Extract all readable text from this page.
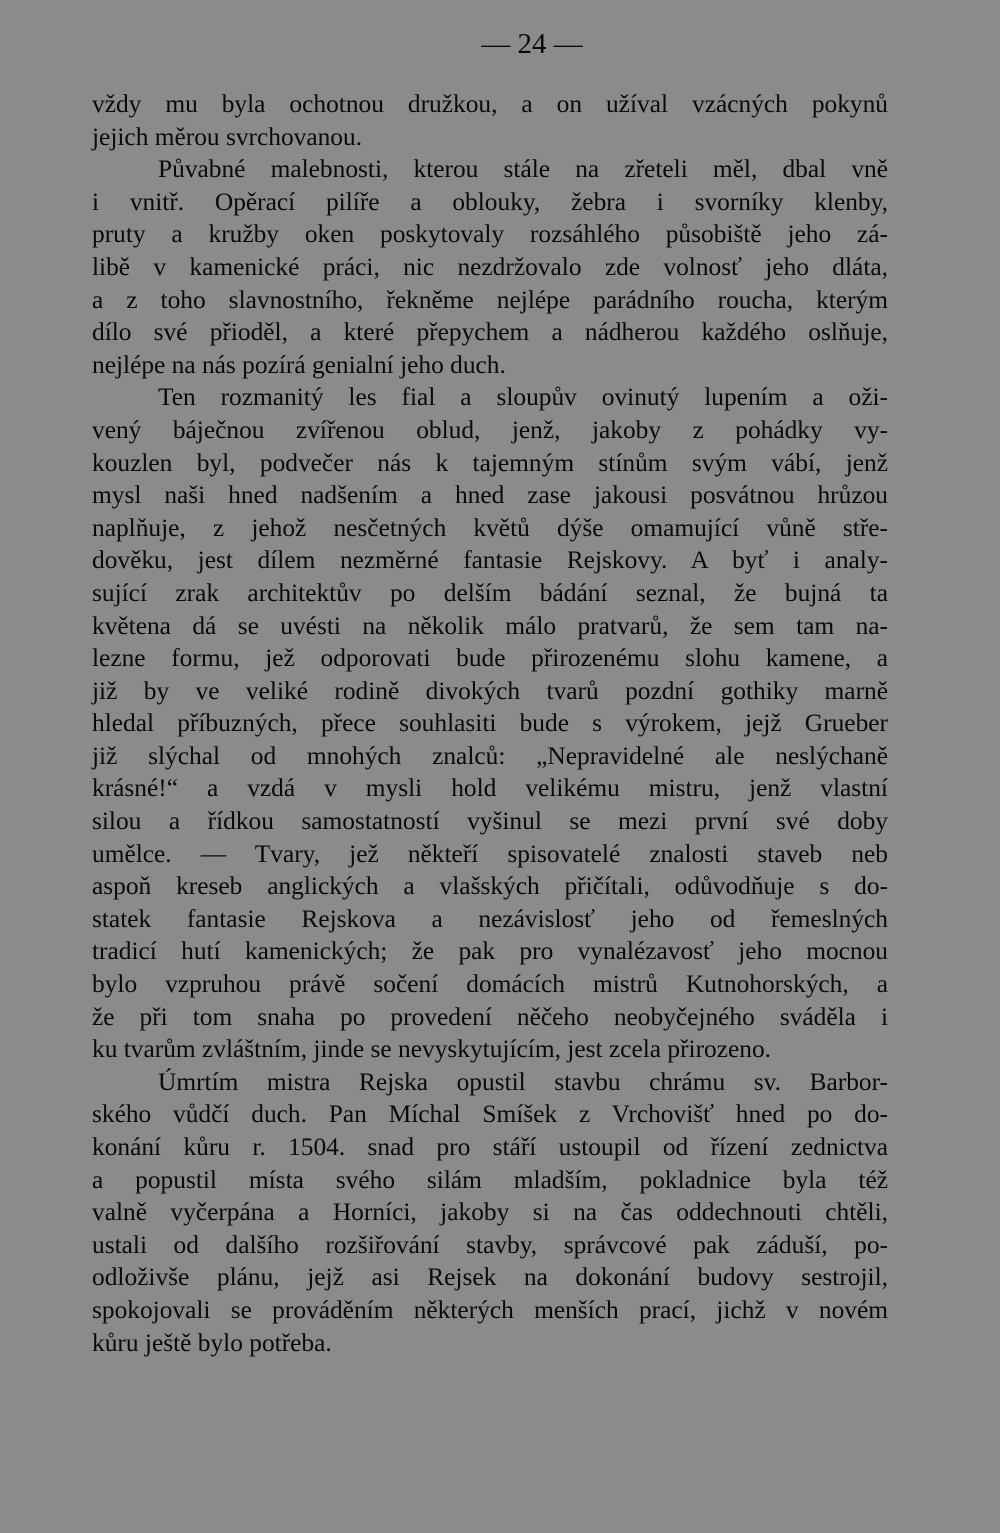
— 24 —
vždy mu byla ochotnou družkou, a on užíval vzácných pokynů
jejich měrou svrchovanou.
Půvabné malebnosti, kterou stále na zřeteli měl, dbal vně
i vnitř. Opěrací pilíře a oblouky, žebra i svorníky klenby,
pruty a kružby oken poskytovaly rozsáhlého působiště jeho zá-
libě v kamenické práci, nic nezdržovalo zde volnosť jeho dláta,
a z toho slavnostního, řekněme nejlépe parádního roucha, kterým
dílo své přioděl, a které přepychem a nádherou každého oslňuje,
nejlépe na nás pozírá genialní jeho duch.
Ten rozmanitý les fial a sloupův ovinutý lupením a oži-
vený báječnou zvířenou oblud, jenž, jakoby z pohádky vy-
kouzlen byl, podvečer nás k tajemným stínům svým vábí, jenž
mysl naši hned nadšením a hned zase jakousi posvátnou hrůzou
naplňuje, z jehož nesčetných květů dýše omamující vůně stře-
dověku, jest dílem nezměrné fantasie Rejskovy. A byť i analy-
sující zrak architektův po delším bádání seznal, že bujná ta
květena dá se uvésti na několik málo pratvarů, že sem tam na-
lezne formu, jež odporovati bude přirozenému slohu kamene, a
již by ve veliké rodině divokých tvarů pozdní gothiky marně
hledal příbuzných, přece souhlasiti bude s výrokem, jejž Grueber
již slýchal od mnohých znalců: „Nepravidelné ale neslýchaně
krásné!“ a vzdá v mysli hold velikému mistru, jenž vlastní
silou a řídkou samostatností vyšinul se mezi první své doby
umělce. — Tvary, jež někteří spisovatelé znalosti staveb neb
aspoň kreseb anglických a vlašských přičítali, odůvodňuje s do-
statek fantasie Rejskova a nezávislosť jeho od řemeslných
tradicí hutí kamenických; že pak pro vynalézavosť jeho mocnou
bylo vzpruhou právě sočení domácích mistrů Kutnohorských, a
že při tom snaha po provedení něčeho neobyčejného sváděla i
ku tvarům zvláštním, jinde se nevyskytujícím, jest zcela přirozeno.
Úmrtím mistra Rejska opustil stavbu chrámu sv. Barbor-
ského vůdčí duch. Pan Míchal Smíšek z Vrchovišť hned po do-
konání kůru r. 1504. snad pro stáří ustoupil od řízení zednictva
a popustil místa svého silám mladším, pokladnice byla též
valně vyčerpána a Horníci, jakoby si na čas oddechnouti chtěli,
ustali od dalšího rozšiřování stavby, správcové pak záduší, po-
odloživše plánu, jejž asi Rejsek na dokonání budovy sestrojil,
spokojovali se prováděním některých menších prací, jichž v novém
kůru ještě bylo potřeba.
